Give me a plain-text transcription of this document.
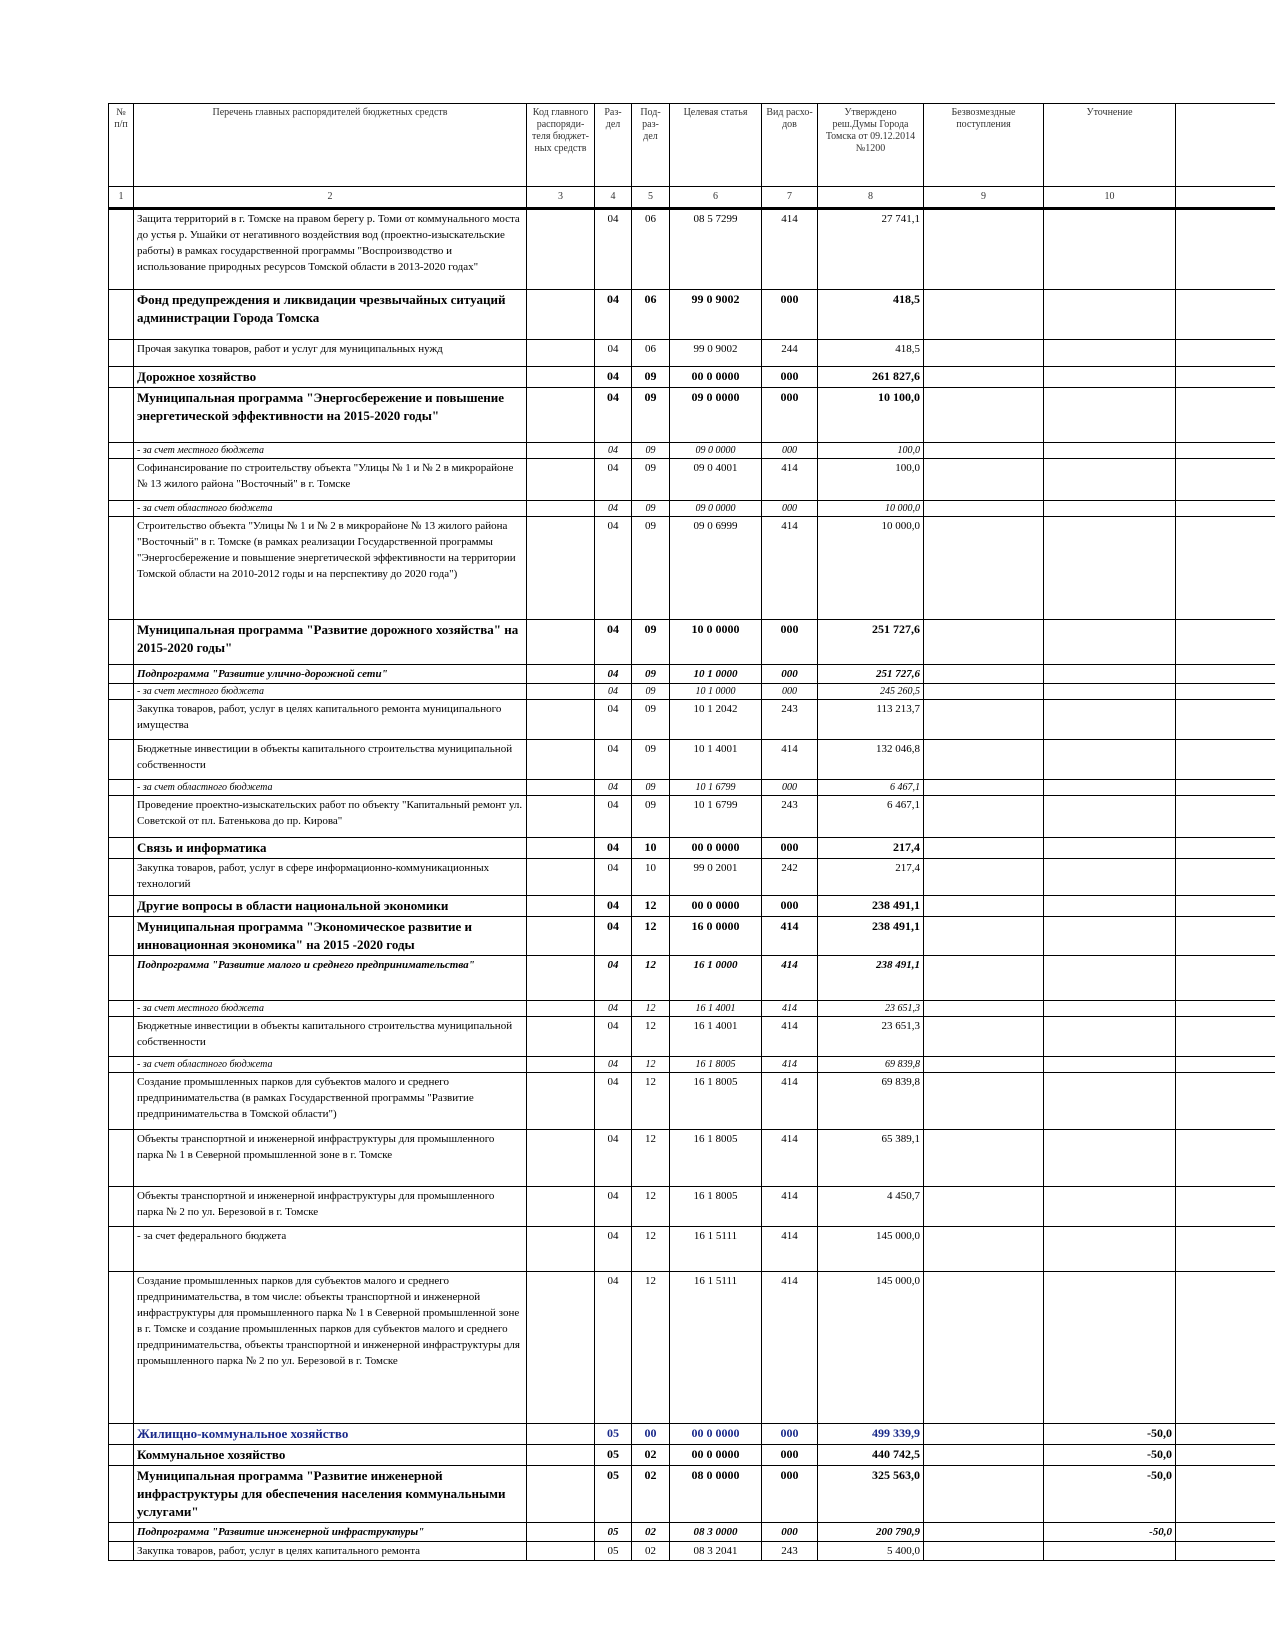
№ п/п	Перечень главных распорядителей бюджетных средств	Код главного распоряди-теля бюджет-ных средств	Раз-дел	Под-раз-дел	Целевая статья	Вид расхо-дов	Утверждено реш.Думы Города Томска от 09.12.2014 №1200	Безвозмездные поступления	Уточнение	
1	2	3	4	5	6	7	8	9	10	
	Защита территорий в г. Томске на правом берегу р. Томи от коммунального моста до устья р. Ушайки от негативного воздействия вод (проектно-изыскательские работы) в рамках государственной программы "Воспроизводство и использование природных ресурсов Томской области в 2013-2020 годах"		04	06	08 5 7299	414	27 741,1			
	Фонд предупреждения и ликвидации чрезвычайных ситуаций администрации Города Томска		04	06	99 0 9002	000	418,5			
	Прочая закупка товаров, работ и услуг для муниципальных нужд		04	06	99 0 9002	244	418,5			
	Дорожное хозяйство		04	09	00 0 0000	000	261 827,6			
	Муниципальная программа "Энергосбережение и повышение энергетической эффективности на 2015-2020 годы"		04	09	09 0 0000	000	10 100,0			
	- за счет местного бюджета		04	09	09 0 0000	000	100,0			
	Софинансирование по строительству объекта "Улицы № 1 и № 2 в микрорайоне № 13 жилого района "Восточный" в г. Томске		04	09	09 0 4001	414	100,0			
	- за счет областного бюджета		04	09	09 0 0000	000	10 000,0			
	Строительство объекта "Улицы № 1 и № 2 в микрорайоне № 13 жилого района "Восточный" в г. Томске (в рамках реализации Государственной программы "Энергосбережение и повышение энергетической эффективности на территории Томской области на 2010-2012 годы и на перспективу до 2020 года")		04	09	09 0 6999	414	10 000,0			
	Муниципальная программа "Развитие дорожного хозяйства" на 2015-2020 годы"		04	09	10 0 0000	000	251 727,6			
	Подпрограмма "Развитие улично-дорожной сети"		04	09	10 1 0000	000	251 727,6			
	- за счет местного бюджета		04	09	10 1 0000	000	245 260,5			
	Закупка товаров, работ, услуг в целях капитального ремонта муниципального имущества		04	09	10 1 2042	243	113 213,7			
	Бюджетные инвестиции в объекты капитального строительства муниципальной собственности		04	09	10 1 4001	414	132 046,8			
	- за счет областного бюджета		04	09	10 1 6799	000	6 467,1			
	Проведение проектно-изыскательских работ по объекту "Капитальный ремонт ул. Советской от пл. Батенькова до пр. Кирова"		04	09	10 1 6799	243	6 467,1			
	Связь и информатика		04	10	00 0 0000	000	217,4			
	Закупка товаров, работ, услуг в сфере информационно-коммуникационных технологий		04	10	99 0 2001	242	217,4			
	Другие вопросы в области национальной экономики		04	12	00 0 0000	000	238 491,1			
	Муниципальная программа "Экономическое развитие и инновационная экономика" на 2015 -2020 годы		04	12	16 0 0000	414	238 491,1			
	Подпрограмма "Развитие малого и среднего предпринимательства"		04	12	16 1 0000	414	238 491,1			
	- за счет местного бюджета		04	12	16 1 4001	414	23 651,3			
	Бюджетные инвестиции в объекты капитального строительства муниципальной собственности		04	12	16 1 4001	414	23 651,3			
	- за счет областного бюджета		04	12	16 1 8005	414	69 839,8			
	Создание промышленных парков для субъектов малого и среднего предпринимательства (в рамках Государственной программы "Развитие предпринимательства в Томской области")		04	12	16 1 8005	414	69 839,8			
	Объекты транспортной и инженерной инфраструктуры для промышленного парка № 1 в Северной промышленной зоне в г. Томске		04	12	16 1 8005	414	65 389,1			
	Объекты транспортной и инженерной инфраструктуры для промышленного парка № 2 по ул. Березовой в г. Томске		04	12	16 1 8005	414	4 450,7			
	- за счет федерального бюджета		04	12	16 1 5111	414	145 000,0			
	Создание промышленных парков для субъектов малого и среднего предпринимательства, в том числе: объекты транспортной и инженерной инфраструктуры для промышленного парка № 1 в Северной промышленной зоне в г. Томске и создание промышленных парков для субъектов малого и среднего предпринимательства, объекты транспортной и инженерной инфраструктуры для промышленного парка № 2 по ул. Березовой в г. Томске		04	12	16 1 5111	414	145 000,0			
	Жилищно-коммунальное хозяйство		05	00	00 0 0000	000	499 339,9		-50,0	
	Коммунальное хозяйство		05	02	00 0 0000	000	440 742,5		-50,0	
	Муниципальная программа "Развитие инженерной инфраструктуры для обеспечения населения коммунальными услугами"		05	02	08 0 0000	000	325 563,0		-50,0	
	Подпрограмма "Развитие инженерной инфраструктуры"		05	02	08 3 0000	000	200 790,9		-50,0	
	Закупка товаров, работ, услуг в целях капитального ремонта		05	02	08 3 2041	243	5 400,0			
